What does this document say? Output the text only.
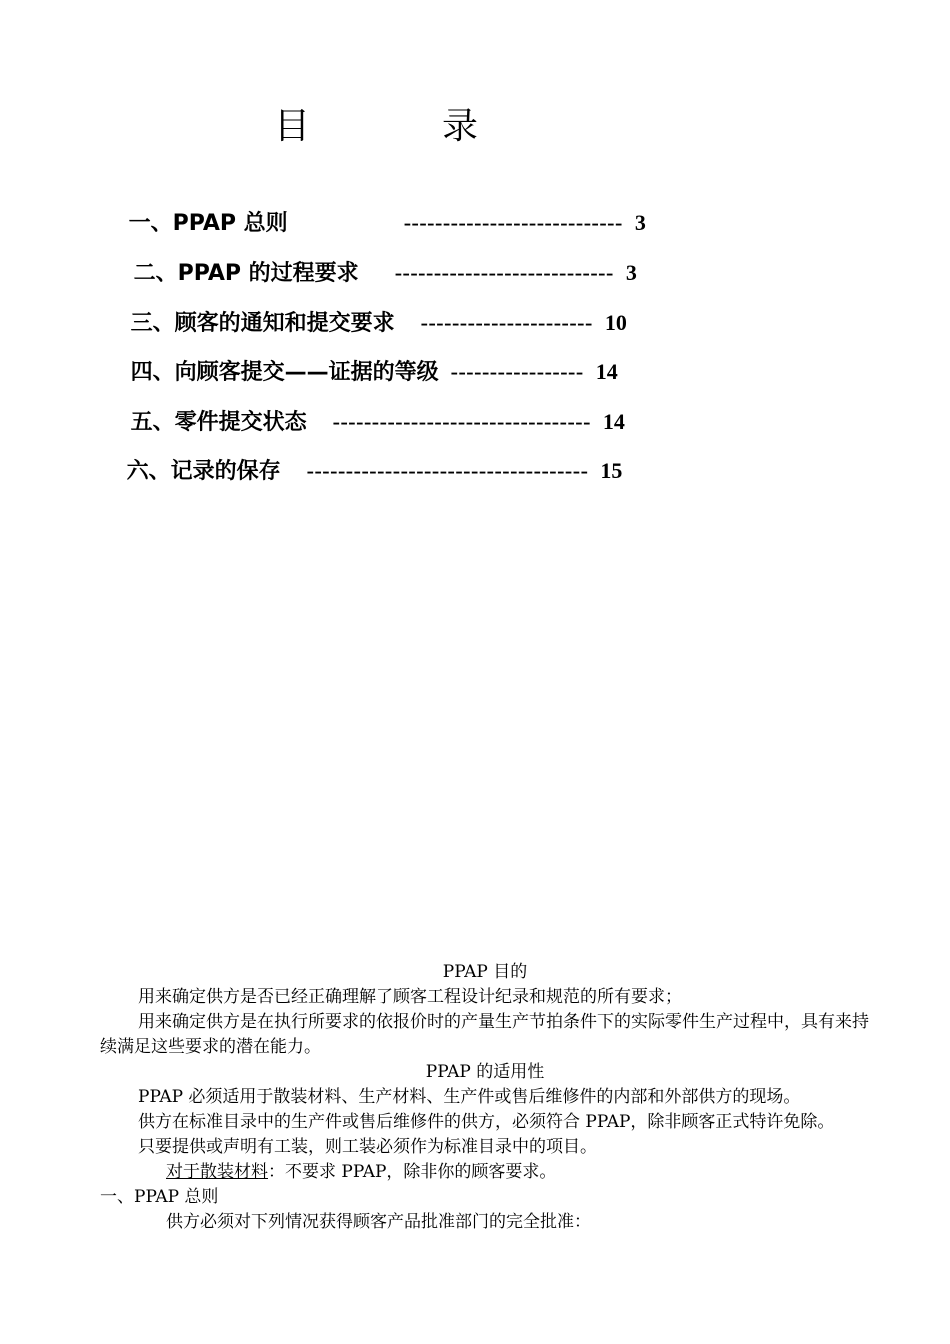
目　录

一、PPAP 总则	---------------------------- 3

二、PPAP 的过程要求 ---------------------------- 3

三、顾客的通知和提交要求 ---------------------- 10

四、向顾客提交——证据的等级 ----------------- 14

五、零件提交状态 --------------------------------- 14

六、记录的保存 ------------------------------------ 15

PPAP 目的

用来确定供方是否已经正确理解了顾客工程设计纪录和规范的所有要求；

用来确定供方是在执行所要求的依报价时的产量生产节拍条件下的实际零件生产过程中，具有来持续满足这些要求的潜在能力。

PPAP 的适用性

PPAP 必须适用于散装材料、生产材料、生产件或售后维修件的内部和外部供方的现场。

供方在标准目录中的生产件或售后维修件的供方，必须符合 PPAP，除非顾客正式特许免除。

只要提供或声明有工装，则工装必须作为标准目录中的项目。

对于散装材料：不要求 PPAP，除非你的顾客要求。

一、PPAP 总则

供方必须对下列情况获得顾客产品批准部门的完全批准：
